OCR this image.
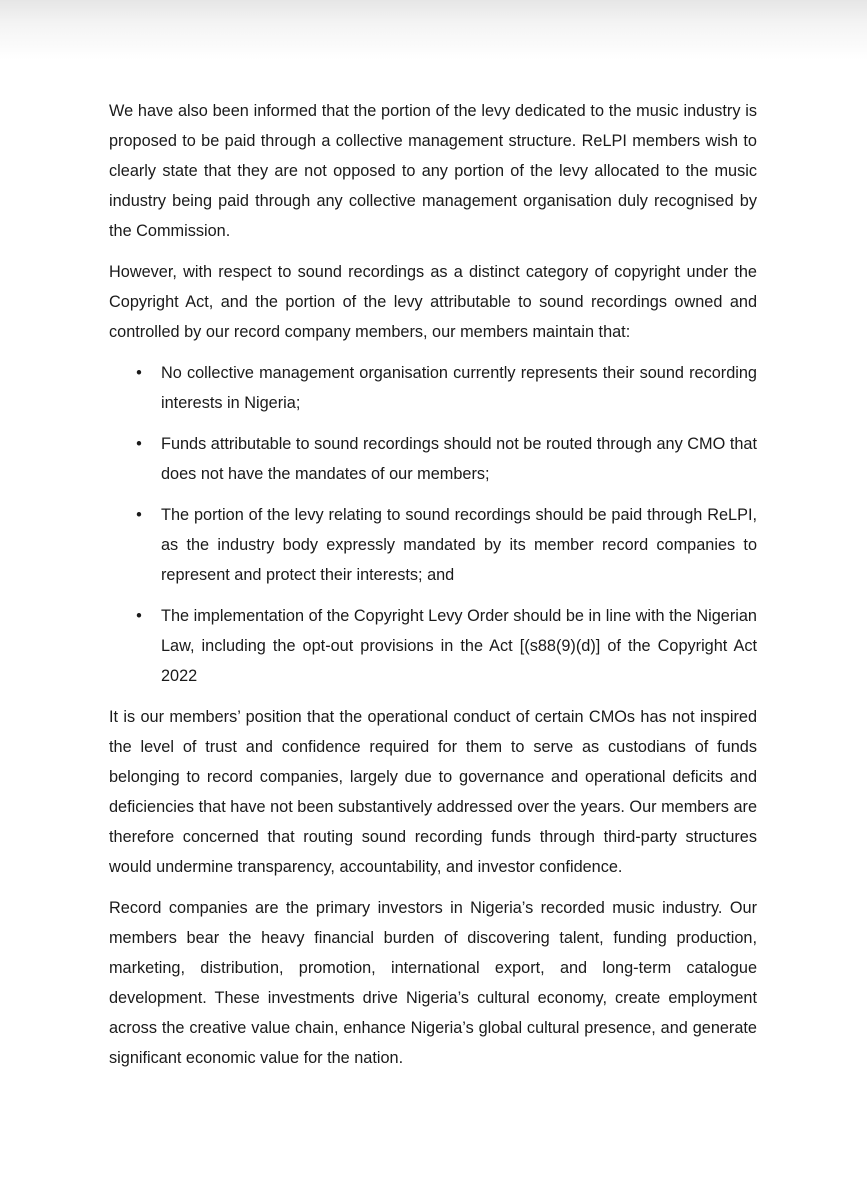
We have also been informed that the portion of the levy dedicated to the music industry is proposed to be paid through a collective management structure. ReLPI members wish to clearly state that they are not opposed to any portion of the levy allocated to the music industry being paid through any collective management organisation duly recognised by the Commission.

However, with respect to sound recordings as a distinct category of copyright under the Copyright Act, and the portion of the levy attributable to sound recordings owned and controlled by our record company members, our members maintain that:

• No collective management organisation currently represents their sound recording interests in Nigeria;
• Funds attributable to sound recordings should not be routed through any CMO that does not have the mandates of our members;
• The portion of the levy relating to sound recordings should be paid through ReLPI, as the industry body expressly mandated by its member record companies to represent and protect their interests; and
• The implementation of the Copyright Levy Order should be in line with the Nigerian Law, including the opt-out provisions in the Act [(s88(9)(d)] of the Copyright Act 2022

It is our members’ position that the operational conduct of certain CMOs has not inspired the level of trust and confidence required for them to serve as custodians of funds belonging to record companies, largely due to governance and operational deficits and deficiencies that have not been substantively addressed over the years. Our members are therefore concerned that routing sound recording funds through third-party structures would undermine transparency, accountability, and investor confidence.

Record companies are the primary investors in Nigeria’s recorded music industry. Our members bear the heavy financial burden of discovering talent, funding production, marketing, distribution, promotion, international export, and long-term catalogue development. These investments drive Nigeria’s cultural economy, create employment across the creative value chain, enhance Nigeria’s global cultural presence, and generate significant economic value for the nation.
